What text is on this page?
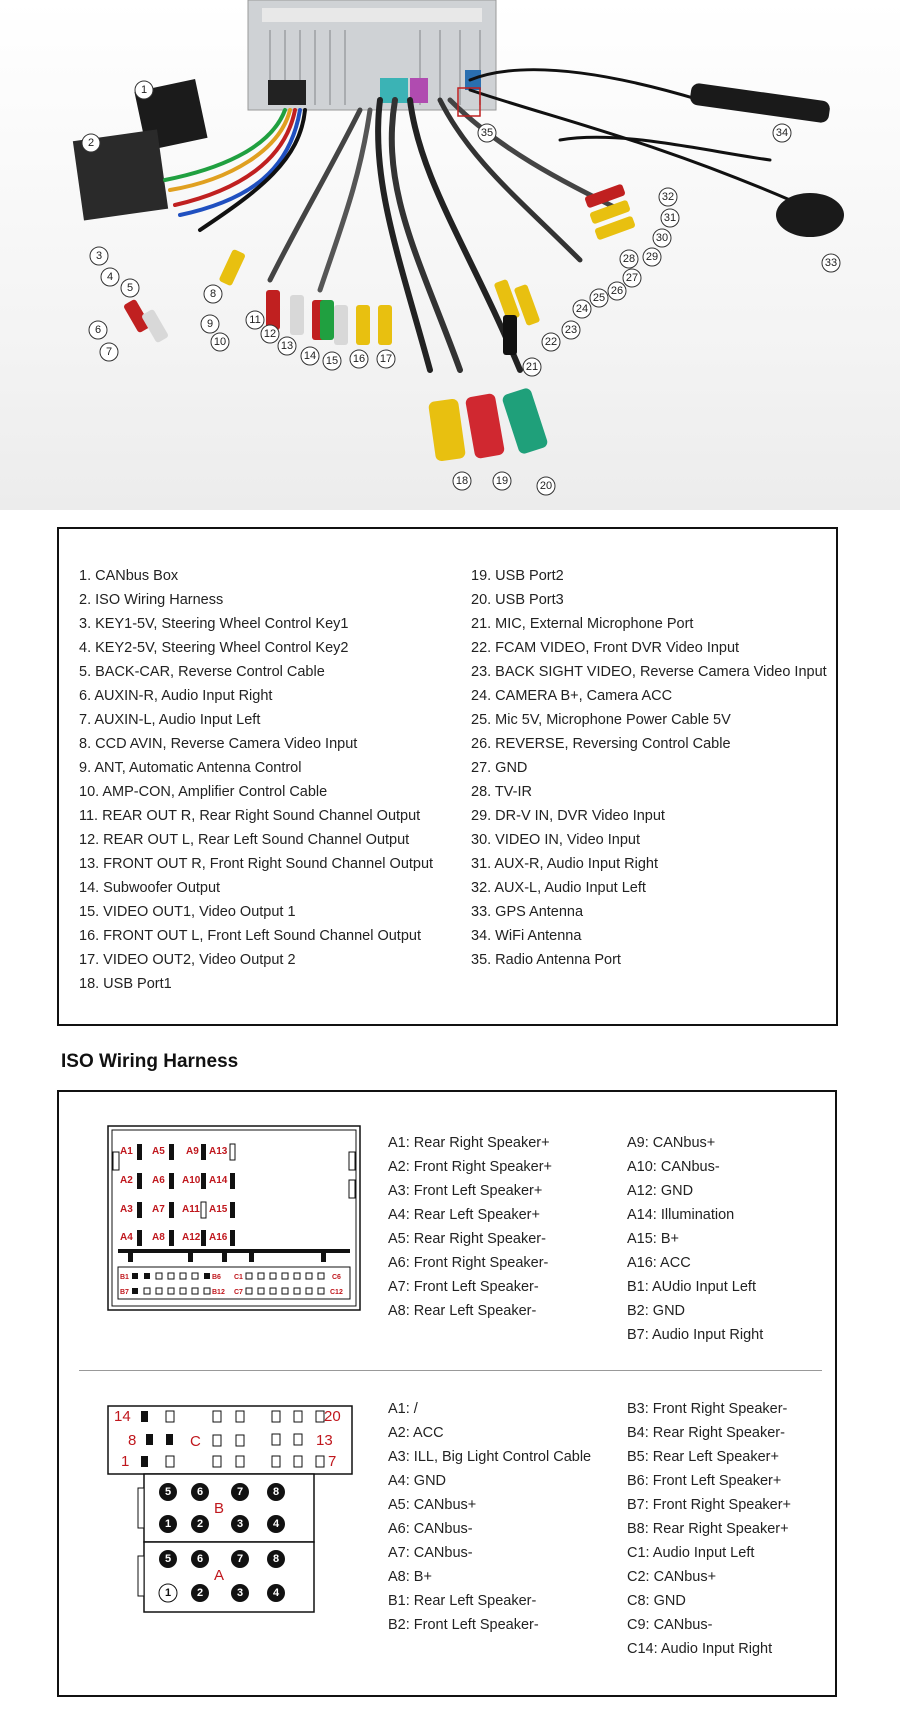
1
2
3
4
5
6
7
8
9
10
11
12
13
14 15 16 17
18	19	20
21
22
23
24
25
26
27
28 29
30
31
32
33
34
35
1. CANbus Box
2. ISO Wiring Harness
3. KEY1-5V, Steering Wheel Control Key1
4. KEY2-5V, Steering Wheel Control Key2
5. BACK-CAR, Reverse Control Cable
6. AUXIN-R, Audio Input Right
7. AUXIN-L, Audio Input Left
8. CCD AVIN, Reverse Camera Video Input
9. ANT, Automatic Antenna Control
10. AMP-CON, Amplifier Control Cable
11. REAR OUT R, Rear Right Sound Channel Output
12. REAR OUT L, Rear Left Sound Channel Output
13. FRONT OUT R, Front Right Sound Channel Output
14. Subwoofer Output
15. VIDEO OUT1, Video Output 1
16. FRONT OUT L, Front Left Sound Channel Output
17. VIDEO OUT2, Video Output 2
18. USB Port1
19. USB Port2
20. USB Port3
21. MIC, External Microphone Port
22. FCAM VIDEO, Front DVR Video Input
23. BACK SIGHT VIDEO, Reverse Camera Video Input
24. CAMERA B+, Camera ACC
25. Mic 5V, Microphone Power Cable 5V
26. REVERSE, Reversing Control Cable
27. GND
28. TV-IR
29. DR-V IN, DVR Video Input
30. VIDEO IN, Video Input
31. AUX-R, Audio Input Right
32. AUX-L, Audio Input Left
33. GPS Antenna
34. WiFi Antenna
35. Radio Antenna Port
ISO Wiring Harness
A1 A5 A9 A13
A2 A6 A10 A14
A3 A7 A11 A15
A4 A8 A12 A16
B1	B6 C1	C6
B7	B12 C7	C12
A1: Rear Right Speaker+
A2: Front Right Speaker+
A3: Front Left Speaker+
A4: Rear Left Speaker+
A5: Rear Right Speaker-
A6: Front Right Speaker-
A7: Front Left Speaker-
A8: Rear Left Speaker-
A9: CANbus+
A10: CANbus-
A12: GND
A14: Illumination
A15: B+
A16: ACC
B1: AUdio Input Left
B2: GND
B7: Audio Input Right
14	20
8	C	13
1	7
5 6	7	8
B
1 2	3	4
5 6	7	8
A
1 2	3	4
A1: /
A2: ACC
A3: ILL, Big Light Control Cable
A4: GND
A5: CANbus+
A6: CANbus-
A7: CANbus-
A8: B+
B1: Rear Left Speaker-
B2: Front Left Speaker-
B3: Front Right Speaker-
B4: Rear Right Speaker-
B5: Rear Left Speaker+
B6: Front Left Speaker+
B7: Front Right Speaker+
B8: Rear Right Speaker+
C1: Audio Input Left
C2: CANbus+
C8: GND
C9: CANbus-
C14: Audio Input Right
